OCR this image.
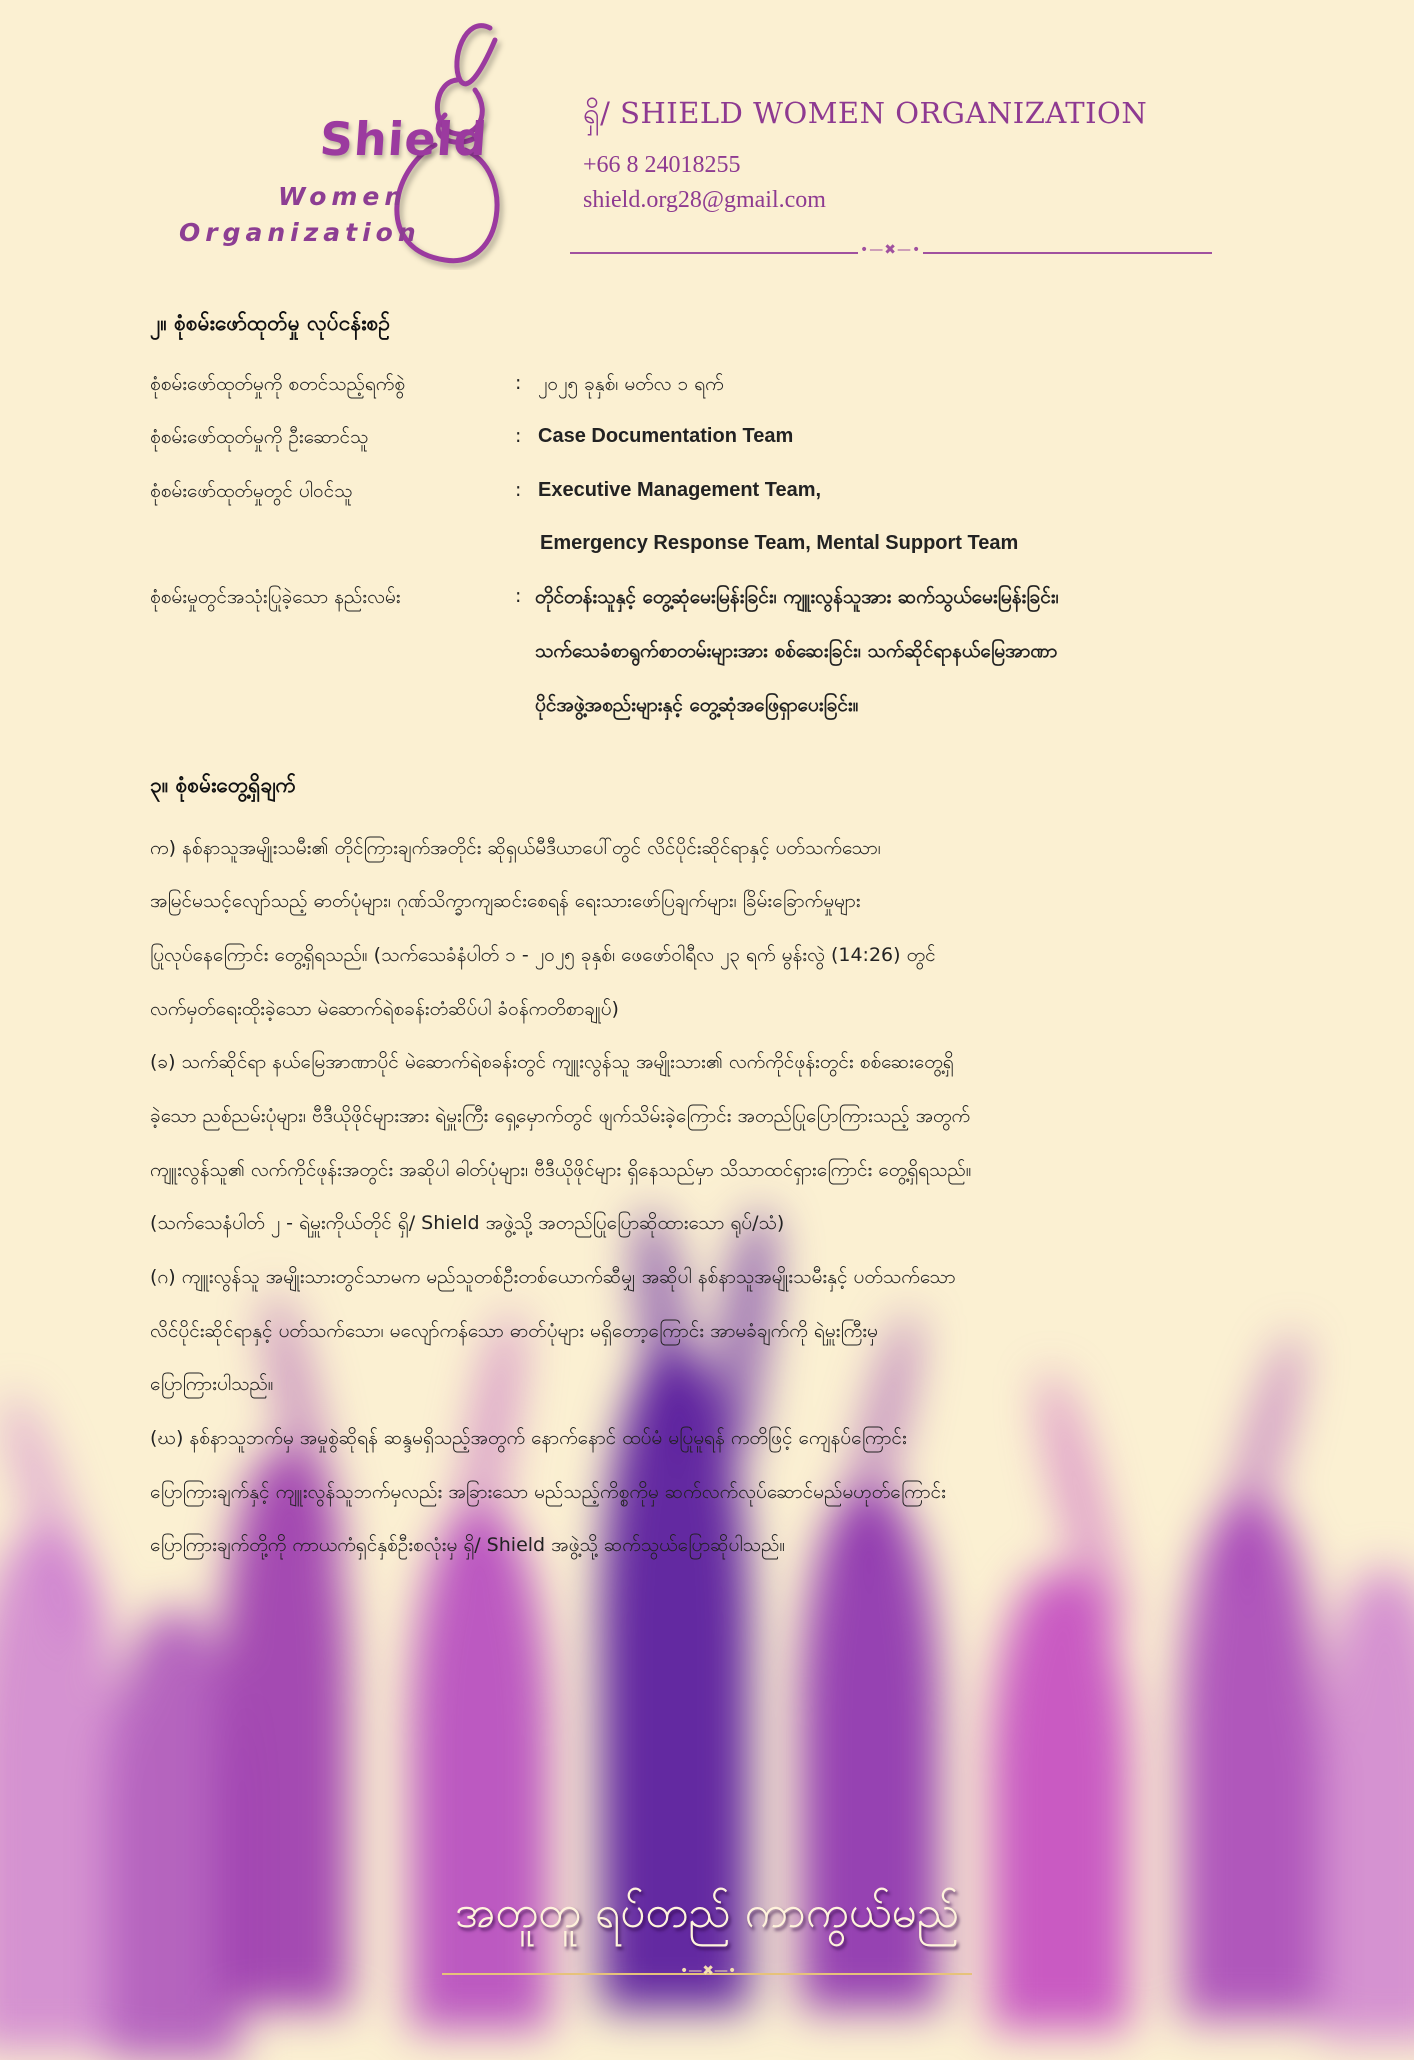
Shield
Women
Organization
ရှိ/ SHIELD WOMEN ORGANIZATION
+66 8 24018255
shield.org28@gmail.com
•—✖—•
၂။ စုံစမ်းဖော်ထုတ်မှု လုပ်ငန်းစဉ်
စုံစမ်းဖော်ထုတ်မှုကို စတင်သည့်ရက်စွဲ	: ၂၀၂၅ ခုနှစ်၊ မတ်လ ၁ ရက်
စုံစမ်းဖော်ထုတ်မှုကို ဦးဆောင်သူ	: Case Documentation Team
စုံစမ်းဖော်ထုတ်မှုတွင် ပါဝင်သူ	: Executive Management Team,
Emergency Response Team, Mental Support Team
စုံစမ်းမှုတွင်အသုံးပြုခဲ့သော နည်းလမ်း	: တိုင်တန်းသူနှင့် တွေ့ဆုံမေးမြန်းခြင်း၊ ကျူးလွန်သူအား ဆက်သွယ်မေးမြန်းခြင်း၊
သက်သေခံစာရွက်စာတမ်းများအား စစ်ဆေးခြင်း၊ သက်ဆိုင်ရာနယ်မြေအာဏာ
ပိုင်အဖွဲ့အစည်းများနှင့် တွေ့ဆုံအဖြေရှာပေးခြင်း။
၃။ စုံစမ်းတွေ့ရှိချက်
က) နစ်နာသူအမျိုးသမီး၏ တိုင်ကြားချက်အတိုင်း ဆိုရှယ်မီဒီယာပေါ်တွင် လိင်ပိုင်းဆိုင်ရာနှင့် ပတ်သက်သော၊
အမြင်မသင့်လျော်သည့် ဓာတ်ပုံများ၊ ဂုဏ်သိက္ခာကျဆင်းစေရန် ရေးသားဖော်ပြချက်များ၊ ခြိမ်းခြောက်မှုများ
ပြုလုပ်နေကြောင်း တွေ့ရှိရသည်။ (သက်သေခံနံပါတ် ၁ - ၂၀၂၅ ခုနှစ်၊ ဖေဖော်ဝါရီလ ၂၃ ရက် မွန်းလွဲ (14:26) တွင်
လက်မှတ်ရေးထိုးခဲ့သော မဲဆောက်ရဲစခန်းတံဆိပ်ပါ ခံဝန်ကတိစာချုပ်)
(ခ) သက်ဆိုင်ရာ နယ်မြေအာဏာပိုင် မဲဆောက်ရဲစခန်းတွင် ကျူးလွန်သူ အမျိုးသား၏ လက်ကိုင်ဖုန်းတွင်း စစ်ဆေးတွေ့ရှိ
ခဲ့သော ညစ်ညမ်းပုံများ၊ ဗီဒီယိုဖိုင်များအား ရဲမှူးကြီး ရှေ့မှောက်တွင် ဖျက်သိမ်းခဲ့ကြောင်း အတည်ပြုပြောကြားသည့် အတွက်
ကျူးလွန်သူ၏ လက်ကိုင်ဖုန်းအတွင်း အဆိုပါ ဓါတ်ပုံများ၊ ဗီဒီယိုဖိုင်များ ရှိနေသည်မှာ သိသာထင်ရှားကြောင်း တွေ့ရှိရသည်။
(သက်သေနံပါတ် ၂ - ရဲမှူးကိုယ်တိုင် ရှိ/ Shield အဖွဲ့သို့ အတည်ပြုပြောဆိုထားသော ရုပ်/သံ)
(ဂ) ကျူးလွန်သူ အမျိုးသားတွင်သာမက မည်သူတစ်ဦးတစ်ယောက်ဆီမျှ အဆိုပါ နစ်နာသူအမျိုးသမီးနှင့် ပတ်သက်သော
လိင်ပိုင်းဆိုင်ရာနှင့် ပတ်သက်သော၊ မလျော်ကန်သော ဓာတ်ပုံများ မရှိတော့ကြောင်း အာမခံချက်ကို ရဲမှူးကြီးမှ
ပြောကြားပါသည်။
(ဃ) နစ်နာသူဘက်မှ အမှုစွဲဆိုရန် ဆန္ဒမရှိသည့်အတွက် နောက်နောင် ထပ်မံ မပြုမူရန် ကတိဖြင့် ကျေနပ်ကြောင်း
ပြောကြားချက်နှင့် ကျူးလွန်သူဘက်မှလည်း အခြားသော မည်သည့်ကိစ္စကိုမှ ဆက်လက်လုပ်ဆောင်မည်မဟုတ်ကြောင်း
ပြောကြားချက်တို့ကို ကာယကံရှင်နှစ်ဦးစလုံးမှ ရှိ/ Shield အဖွဲ့သို့ ဆက်သွယ်ပြောဆိုပါသည်။
အတူတူ ရပ်တည် ကာကွယ်မည်
•—✖—•
